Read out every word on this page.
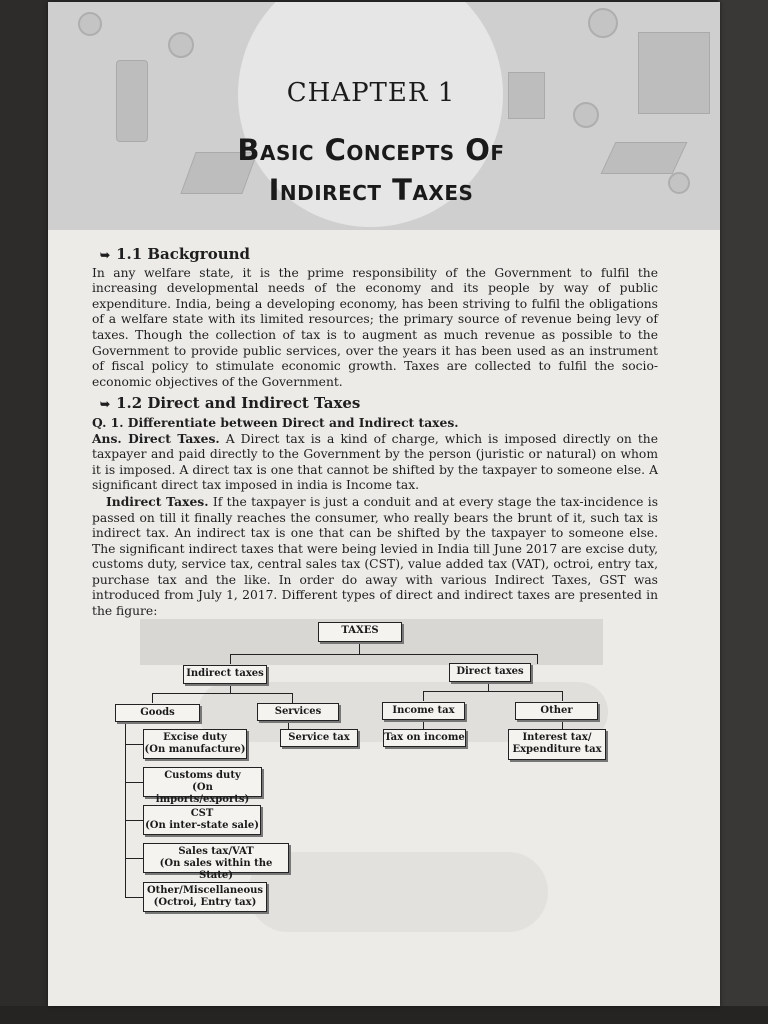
CHAPTER 1
Basic Concepts Of
Indirect Taxes
➥ 1.1 Background

In any welfare state, it is the prime responsibility of the Government to fulfil the increasing developmental needs of the economy and its people by way of public expenditure. India, being a developing economy, has been striving to fulfil the obligations of a welfare state with its limited resources; the primary source of revenue being levy of taxes. Though the collection of tax is to augment as much revenue as possible to the Government to provide public services, over the years it has been used as an instrument of fiscal policy to stimulate economic growth. Taxes are collected to fulfil the socio-economic objectives of the Government.

➥ 1.2 Direct and Indirect Taxes

Q. 1. Differentiate between Direct and Indirect taxes.

Ans. Direct Taxes. A Direct tax is a kind of charge, which is imposed directly on the taxpayer and paid directly to the Government by the person (juristic or natural) on whom it is imposed. A direct tax is one that cannot be shifted by the taxpayer to someone else. A significant direct tax imposed in india is Income tax.

Indirect Taxes. If the taxpayer is just a conduit and at every stage the tax-incidence is passed on till it finally reaches the consumer, who really bears the brunt of it, such tax is indirect tax. An indirect tax is one that can be shifted by the taxpayer to someone else. The significant indirect taxes that were being levied in India till June 2017 are excise duty, customs duty, service tax, central sales tax (CST), value added tax (VAT), octroi, entry tax, purchase tax and the like. In order do away with various Indirect Taxes, GST was introduced from July 1, 2017. Different types of direct and indirect taxes are presented in the figure:

TAXES
Indirect taxes	Direct taxes
Goods	Services	Income tax	Other
Excise duty
(On manufacture)
Service tax	Tax on income	Interest tax/
Expenditure tax
Customs duty
(On imports/exports)
CST
(On inter-state sale)
Sales tax/VAT
(On sales within the State)
Other/Miscellaneous
(Octroi, Entry tax)
